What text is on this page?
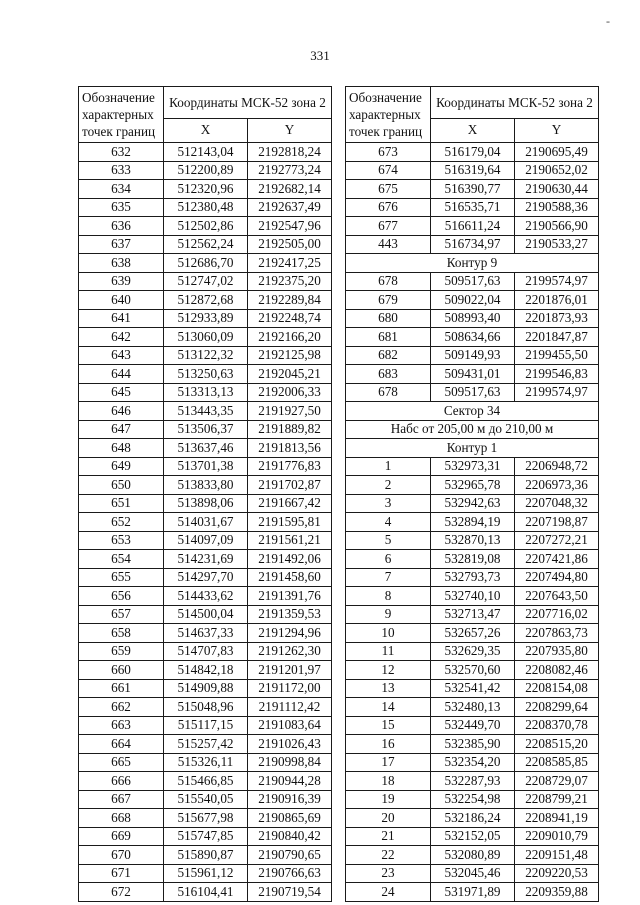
-
331
Обозначение характерных точек границ	Координаты МСК-52 зона 2	
	X	Y
632	512143,04	2192818,24
633	512200,89	2192773,24
634	512320,96	2192682,14
635	512380,48	2192637,49
636	512502,86	2192547,96
637	512562,24	2192505,00
638	512686,70	2192417,25
639	512747,02	2192375,20
640	512872,68	2192289,84
641	512933,89	2192248,74
642	513060,09	2192166,20
643	513122,32	2192125,98
644	513250,63	2192045,21
645	513313,13	2192006,33
646	513443,35	2191927,50
647	513506,37	2191889,82
648	513637,46	2191813,56
649	513701,38	2191776,83
650	513833,80	2191702,87
651	513898,06	2191667,42
652	514031,67	2191595,81
653	514097,09	2191561,21
654	514231,69	2191492,06
655	514297,70	2191458,60
656	514433,62	2191391,76
657	514500,04	2191359,53
658	514637,33	2191294,96
659	514707,83	2191262,30
660	514842,18	2191201,97
661	514909,88	2191172,00
662	515048,96	2191112,42
663	515117,15	2191083,64
664	515257,42	2191026,43
665	515326,11	2190998,84
666	515466,85	2190944,28
667	515540,05	2190916,39
668	515677,98	2190865,69
669	515747,85	2190840,42
670	515890,87	2190790,65
671	515961,12	2190766,63
672	516104,41	2190719,54
Обозначение характерных точек границ	Координаты МСК-52 зона 2	
	X	Y
673	516179,04	2190695,49
674	516319,64	2190652,02
675	516390,77	2190630,44
676	516535,71	2190588,36
677	516611,24	2190566,90
443	516734,97	2190533,27
Контур 9		
678	509517,63	2199574,97
679	509022,04	2201876,01
680	508993,40	2201873,93
681	508634,66	2201847,87
682	509149,93	2199455,50
683	509431,01	2199546,83
678	509517,63	2199574,97
Сектор 34		
Набс от 205,00 м до 210,00 м		
Контур 1		
1	532973,31	2206948,72
2	532965,78	2206973,36
3	532942,63	2207048,32
4	532894,19	2207198,87
5	532870,13	2207272,21
6	532819,08	2207421,86
7	532793,73	2207494,80
8	532740,10	2207643,50
9	532713,47	2207716,02
10	532657,26	2207863,73
11	532629,35	2207935,80
12	532570,60	2208082,46
13	532541,42	2208154,08
14	532480,13	2208299,64
15	532449,70	2208370,78
16	532385,90	2208515,20
17	532354,20	2208585,85
18	532287,93	2208729,07
19	532254,98	2208799,21
20	532186,24	2208941,19
21	532152,05	2209010,79
22	532080,89	2209151,48
23	532045,46	2209220,53
24	531971,89	2209359,88
